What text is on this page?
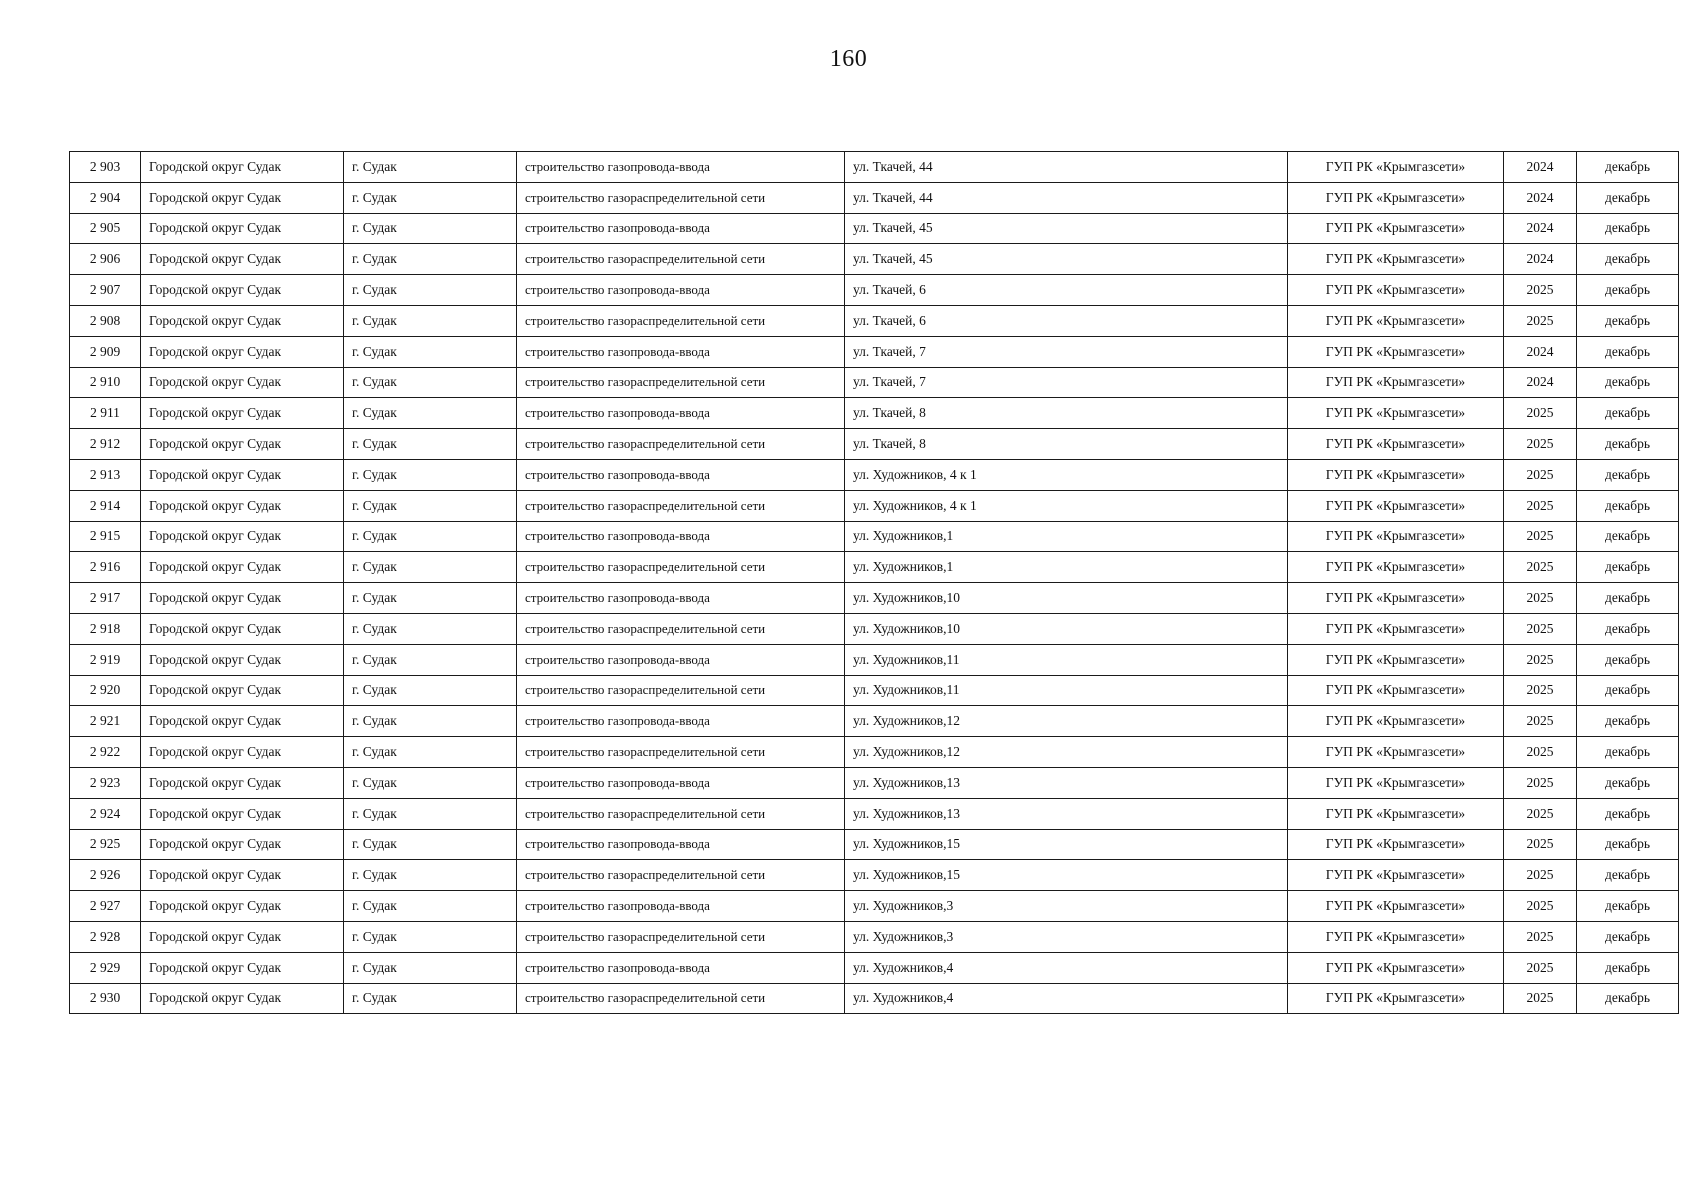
160
2 903	Городской округ Судак	г. Судак	строительство газопровода-ввода	ул. Ткачей, 44	ГУП РК «Крымгазсети»	2024	декабрь
2 904	Городской округ Судак	г. Судак	строительство газораспределительной сети	ул. Ткачей, 44	ГУП РК «Крымгазсети»	2024	декабрь
2 905	Городской округ Судак	г. Судак	строительство газопровода-ввода	ул. Ткачей, 45	ГУП РК «Крымгазсети»	2024	декабрь
2 906	Городской округ Судак	г. Судак	строительство газораспределительной сети	ул. Ткачей, 45	ГУП РК «Крымгазсети»	2024	декабрь
2 907	Городской округ Судак	г. Судак	строительство газопровода-ввода	ул. Ткачей, 6	ГУП РК «Крымгазсети»	2025	декабрь
2 908	Городской округ Судак	г. Судак	строительство газораспределительной сети	ул. Ткачей, 6	ГУП РК «Крымгазсети»	2025	декабрь
2 909	Городской округ Судак	г. Судак	строительство газопровода-ввода	ул. Ткачей, 7	ГУП РК «Крымгазсети»	2024	декабрь
2 910	Городской округ Судак	г. Судак	строительство газораспределительной сети	ул. Ткачей, 7	ГУП РК «Крымгазсети»	2024	декабрь
2 911	Городской округ Судак	г. Судак	строительство газопровода-ввода	ул. Ткачей, 8	ГУП РК «Крымгазсети»	2025	декабрь
2 912	Городской округ Судак	г. Судак	строительство газораспределительной сети	ул. Ткачей, 8	ГУП РК «Крымгазсети»	2025	декабрь
2 913	Городской округ Судак	г. Судак	строительство газопровода-ввода	ул. Художников, 4 к 1	ГУП РК «Крымгазсети»	2025	декабрь
2 914	Городской округ Судак	г. Судак	строительство газораспределительной сети	ул. Художников, 4 к 1	ГУП РК «Крымгазсети»	2025	декабрь
2 915	Городской округ Судак	г. Судак	строительство газопровода-ввода	ул. Художников,1	ГУП РК «Крымгазсети»	2025	декабрь
2 916	Городской округ Судак	г. Судак	строительство газораспределительной сети	ул. Художников,1	ГУП РК «Крымгазсети»	2025	декабрь
2 917	Городской округ Судак	г. Судак	строительство газопровода-ввода	ул. Художников,10	ГУП РК «Крымгазсети»	2025	декабрь
2 918	Городской округ Судак	г. Судак	строительство газораспределительной сети	ул. Художников,10	ГУП РК «Крымгазсети»	2025	декабрь
2 919	Городской округ Судак	г. Судак	строительство газопровода-ввода	ул. Художников,11	ГУП РК «Крымгазсети»	2025	декабрь
2 920	Городской округ Судак	г. Судак	строительство газораспределительной сети	ул. Художников,11	ГУП РК «Крымгазсети»	2025	декабрь
2 921	Городской округ Судак	г. Судак	строительство газопровода-ввода	ул. Художников,12	ГУП РК «Крымгазсети»	2025	декабрь
2 922	Городской округ Судак	г. Судак	строительство газораспределительной сети	ул. Художников,12	ГУП РК «Крымгазсети»	2025	декабрь
2 923	Городской округ Судак	г. Судак	строительство газопровода-ввода	ул. Художников,13	ГУП РК «Крымгазсети»	2025	декабрь
2 924	Городской округ Судак	г. Судак	строительство газораспределительной сети	ул. Художников,13	ГУП РК «Крымгазсети»	2025	декабрь
2 925	Городской округ Судак	г. Судак	строительство газопровода-ввода	ул. Художников,15	ГУП РК «Крымгазсети»	2025	декабрь
2 926	Городской округ Судак	г. Судак	строительство газораспределительной сети	ул. Художников,15	ГУП РК «Крымгазсети»	2025	декабрь
2 927	Городской округ Судак	г. Судак	строительство газопровода-ввода	ул. Художников,3	ГУП РК «Крымгазсети»	2025	декабрь
2 928	Городской округ Судак	г. Судак	строительство газораспределительной сети	ул. Художников,3	ГУП РК «Крымгазсети»	2025	декабрь
2 929	Городской округ Судак	г. Судак	строительство газопровода-ввода	ул. Художников,4	ГУП РК «Крымгазсети»	2025	декабрь
2 930	Городской округ Судак	г. Судак	строительство газораспределительной сети	ул. Художников,4	ГУП РК «Крымгазсети»	2025	декабрь
